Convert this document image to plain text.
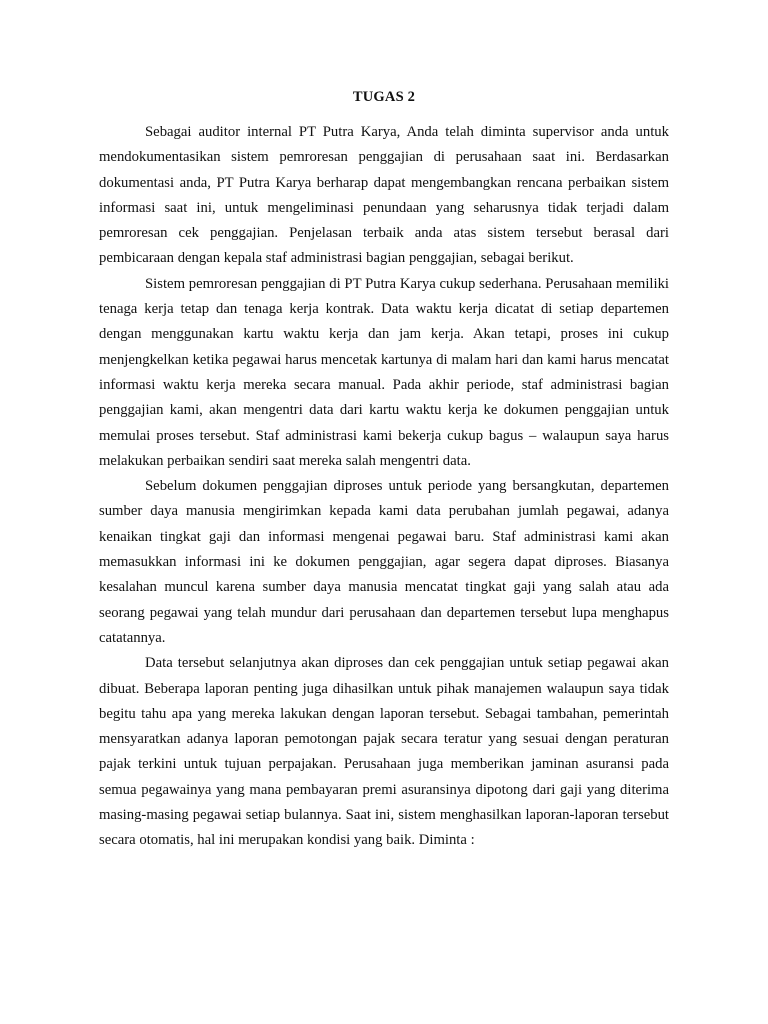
TUGAS 2

Sebagai auditor internal PT Putra Karya, Anda telah diminta supervisor anda untuk mendokumentasikan sistem pemroresan penggajian di perusahaan saat ini. Berdasarkan dokumentasi anda, PT Putra Karya berharap dapat mengembangkan rencana perbaikan sistem informasi saat ini, untuk mengeliminasi penundaan yang seharusnya tidak terjadi dalam pemroresan cek penggajian. Penjelasan terbaik anda atas sistem tersebut berasal dari pembicaraan dengan kepala staf administrasi bagian penggajian, sebagai berikut.

Sistem pemroresan penggajian di PT Putra Karya cukup sederhana. Perusahaan memiliki tenaga kerja tetap dan tenaga kerja kontrak. Data waktu kerja dicatat di setiap departemen dengan menggunakan kartu waktu kerja dan jam kerja. Akan tetapi, proses ini cukup menjengkelkan ketika pegawai harus mencetak kartunya di malam hari dan kami harus mencatat informasi waktu kerja mereka secara manual. Pada akhir periode, staf administrasi bagian penggajian kami, akan mengentri data dari kartu waktu kerja ke dokumen penggajian untuk memulai proses tersebut. Staf administrasi kami bekerja cukup bagus – walaupun saya harus melakukan perbaikan sendiri saat mereka salah mengentri data.

Sebelum dokumen penggajian diproses untuk periode yang bersangkutan, departemen sumber daya manusia mengirimkan kepada kami data perubahan jumlah pegawai, adanya kenaikan tingkat gaji dan informasi mengenai pegawai baru. Staf administrasi kami akan memasukkan informasi ini ke dokumen penggajian, agar segera dapat diproses. Biasanya kesalahan muncul karena sumber daya manusia mencatat tingkat gaji yang salah atau ada seorang pegawai yang telah mundur dari perusahaan dan departemen tersebut lupa menghapus catatannya.

Data tersebut selanjutnya akan diproses dan cek penggajian untuk setiap pegawai akan dibuat. Beberapa laporan penting juga dihasilkan untuk pihak manajemen walaupun saya tidak begitu tahu apa yang mereka lakukan dengan laporan tersebut. Sebagai tambahan, pemerintah mensyaratkan adanya laporan pemotongan pajak secara teratur yang sesuai dengan peraturan pajak terkini untuk tujuan perpajakan. Perusahaan juga memberikan jaminan asuransi pada semua pegawainya yang mana pembayaran premi asuransinya dipotong dari gaji yang diterima masing-masing pegawai setiap bulannya. Saat ini, sistem menghasilkan laporan-laporan tersebut secara otomatis, hal ini merupakan kondisi yang baik. Diminta :
